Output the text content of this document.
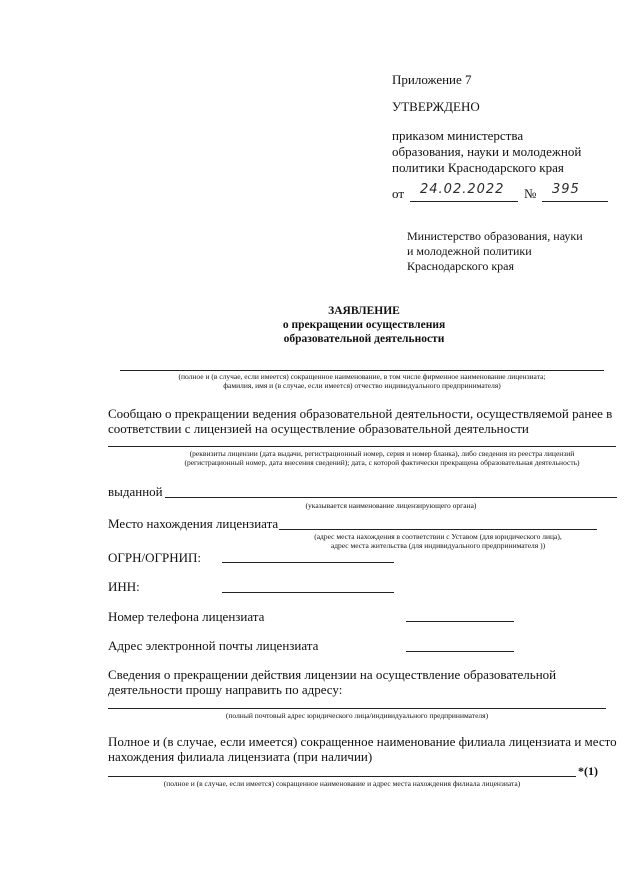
Приложение 7
УТВЕРЖДЕНО
приказом министерства
образования, науки и молодежной
политики Краснодарского края
от 24.02.2022 № 395
Министерство образования, науки
и молодежной политики
Краснодарского края
ЗАЯВЛЕНИЕ
о прекращении осуществления
образовательной деятельности
(полное и (в случае, если имеется) сокращенное наименование, в том числе фирменное наименование лицензиата;
фамилия, имя и (в случае, если имеется) отчество индивидуального предпринимателя)
Сообщаю о прекращении ведения образовательной деятельности, осуществляемой ранее в
соответствии с лицензией на осуществление образовательной деятельности
(реквизиты лицензии (дата выдачи, регистрационный номер, серия и номер бланка), либо сведения из реестра лицензий
(регистрационный номер, дата внесения сведений); дата, с которой фактически прекращена образовательная деятельность)
выданной
(указывается наименование лицензирующего органа)
Место нахождения лицензиата
(адрес места нахождения в соответствии с Уставом (для юридического лица),
адрес места жительства (для индивидуального предпринимателя ))
ОГРН/ОГРНИП:
ИНН:
Номер телефона лицензиата
Адрес электронной почты лицензиата
Сведения о прекращении действия лицензии на осуществление образовательной
деятельности прошу направить по адресу:
(полный почтовый адрес юридического лица/индивидуального предпринимателя)
Полное и (в случае, если имеется) сокращенное наименование филиала лицензиата и место
нахождения филиала лицензиата (при наличии)
*(1)
(полное и (в случае, если имеется) сокращенное наименование и адрес места нахождения филиала лицензиата)
